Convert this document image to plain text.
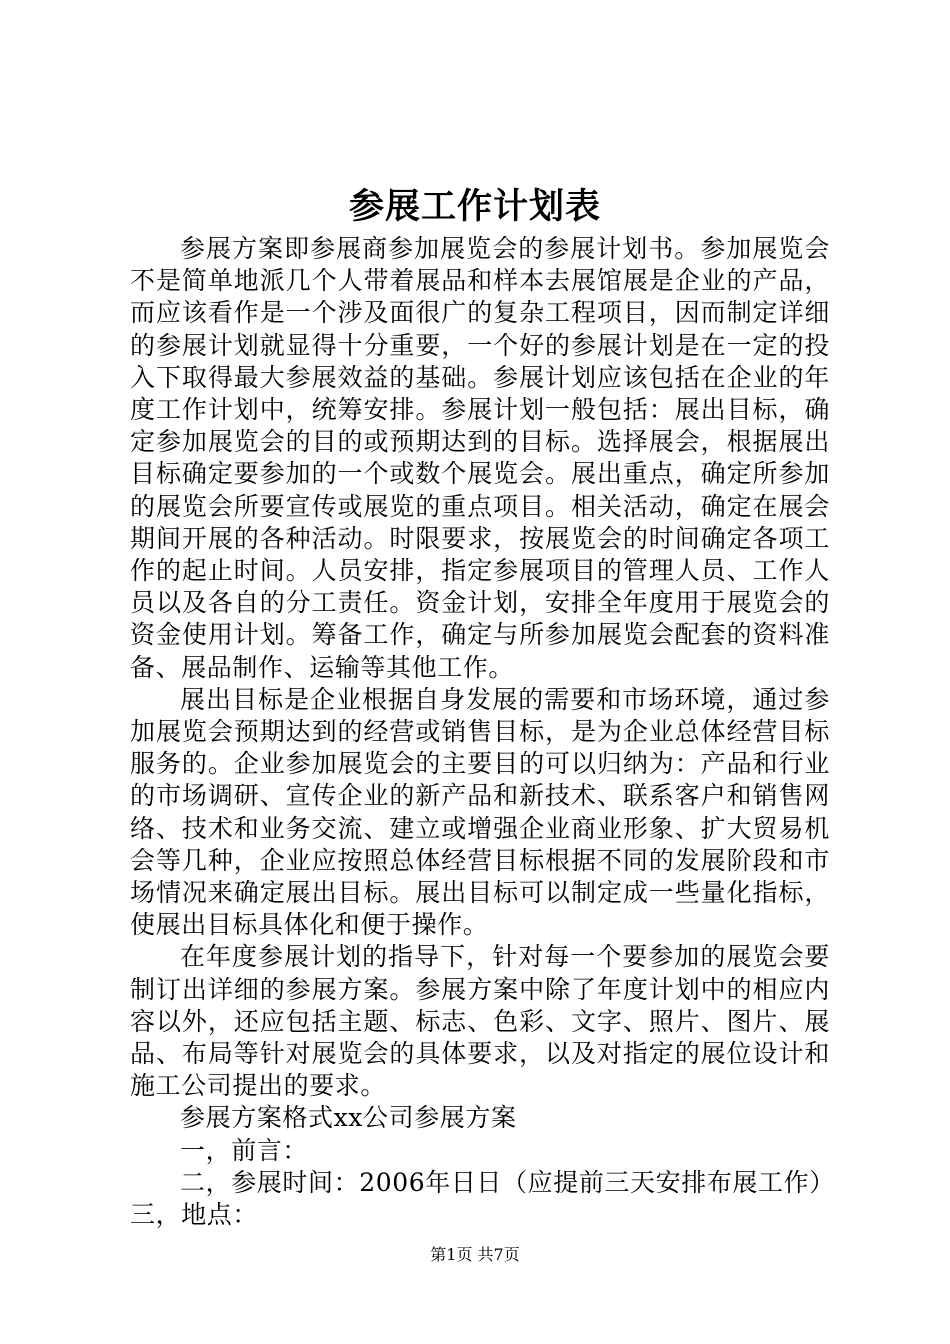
参展工作计划表

参展方案即参展商参加展览会的参展计划书。参加展览会不是简单地派几个人带着展品和样本去展馆展是企业的产品，而应该看作是一个涉及面很广的复杂工程项目，因而制定详细的参展计划就显得十分重要，一个好的参展计划是在一定的投入下取得最大参展效益的基础。参展计划应该包括在企业的年度工作计划中，统筹安排。参展计划一般包括：展出目标，确定参加展览会的目的或预期达到的目标。选择展会，根据展出目标确定要参加的一个或数个展览会。展出重点，确定所参加的展览会所要宣传或展览的重点项目。相关活动，确定在展会期间开展的各种活动。时限要求，按展览会的时间确定各项工作的起止时间。人员安排，指定参展项目的管理人员、工作人员以及各自的分工责任。资金计划，安排全年度用于展览会的资金使用计划。筹备工作，确定与所参加展览会配套的资料准备、展品制作、运输等其他工作。

展出目标是企业根据自身发展的需要和市场环境，通过参加展览会预期达到的经营或销售目标，是为企业总体经营目标服务的。企业参加展览会的主要目的可以归纳为：产品和行业的市场调研、宣传企业的新产品和新技术、联系客户和销售网络、技术和业务交流、建立或增强企业商业形象、扩大贸易机会等几种，企业应按照总体经营目标根据不同的发展阶段和市场情况来确定展出目标。展出目标可以制定成一些量化指标，使展出目标具体化和便于操作。

在年度参展计划的指导下，针对每一个要参加的展览会要制订出详细的参展方案。参展方案中除了年度计划中的相应内容以外，还应包括主题、标志、色彩、文字、照片、图片、展品、布局等针对展览会的具体要求，以及对指定的展位设计和施工公司提出的要求。

参展方案格式xx公司参展方案

一，前言：

二，参展时间：2006年日日（应提前三天安排布展工作）

三，地点：

第1页 共7页
